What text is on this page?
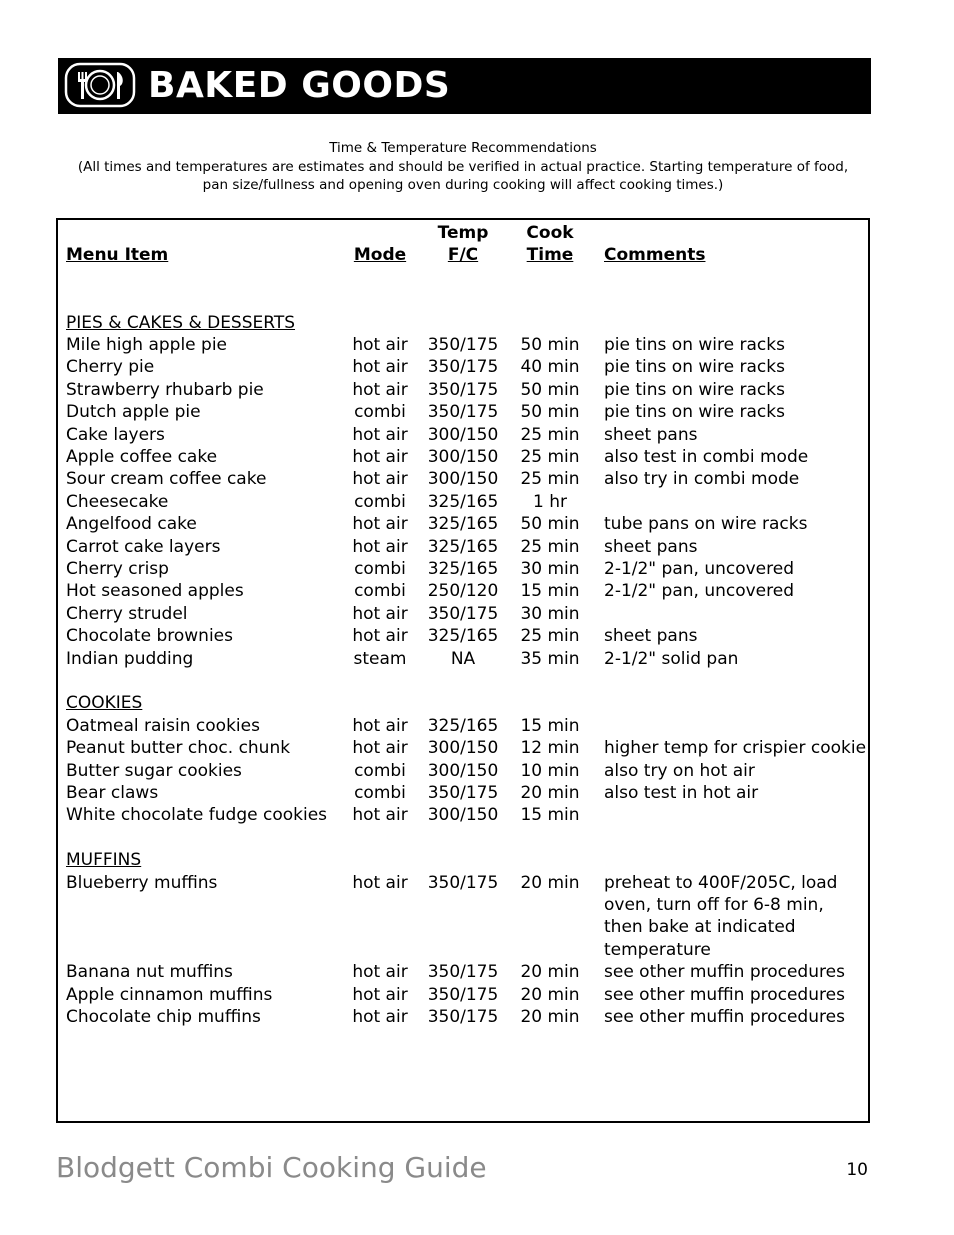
BAKED GOODS
Time & Temperature Recommendations
(All times and temperatures are estimates and should be verified in actual practice. Starting temperature of food,
pan size/fullness and opening oven during cooking will affect cooking times.)
Temp	Cook
Menu Item	Mode	F/C	Time	Comments
PIES & CAKES & DESSERTS
Mile high apple pie	hot air	350/175	50 min	pie tins on wire racks
Cherry pie	hot air	350/175	40 min	pie tins on wire racks
Strawberry rhubarb pie	hot air	350/175	50 min	pie tins on wire racks
Dutch apple pie	combi	350/175	50 min	pie tins on wire racks
Cake layers	hot air	300/150	25 min	sheet pans
Apple coffee cake	hot air	300/150	25 min	also test in combi mode
Sour cream coffee cake	hot air	300/150	25 min	also try in combi mode
Cheesecake	combi	325/165	1 hr
Angelfood cake	hot air	325/165	50 min	tube pans on wire racks
Carrot cake layers	hot air	325/165	25 min	sheet pans
Cherry crisp	combi	325/165	30 min	2-1/2" pan, uncovered
Hot seasoned apples	combi	250/120	15 min	2-1/2" pan, uncovered
Cherry strudel	hot air	350/175	30 min
Chocolate brownies	hot air	325/165	25 min	sheet pans
Indian pudding	steam	NA	35 min	2-1/2" solid pan
COOKIES
Oatmeal raisin cookies	hot air	325/165	15 min
Peanut butter choc. chunk	hot air	300/150	12 min	higher temp for crispier cookie
Butter sugar cookies	combi	300/150	10 min	also try on hot air
Bear claws	combi	350/175	20 min	also test in hot air
White chocolate fudge cookies	hot air	300/150	15 min
MUFFINS
Blueberry muffins	hot air	350/175	20 min	preheat to 400F/205C, load
oven, turn off for 6-8 min,
then bake at indicated
temperature
Banana nut muffins	hot air	350/175	20 min	see other muffin procedures
Apple cinnamon muffins	hot air	350/175	20 min	see other muffin procedures
Chocolate chip muffins	hot air	350/175	20 min	see other muffin procedures
Blodgett Combi Cooking Guide	10
